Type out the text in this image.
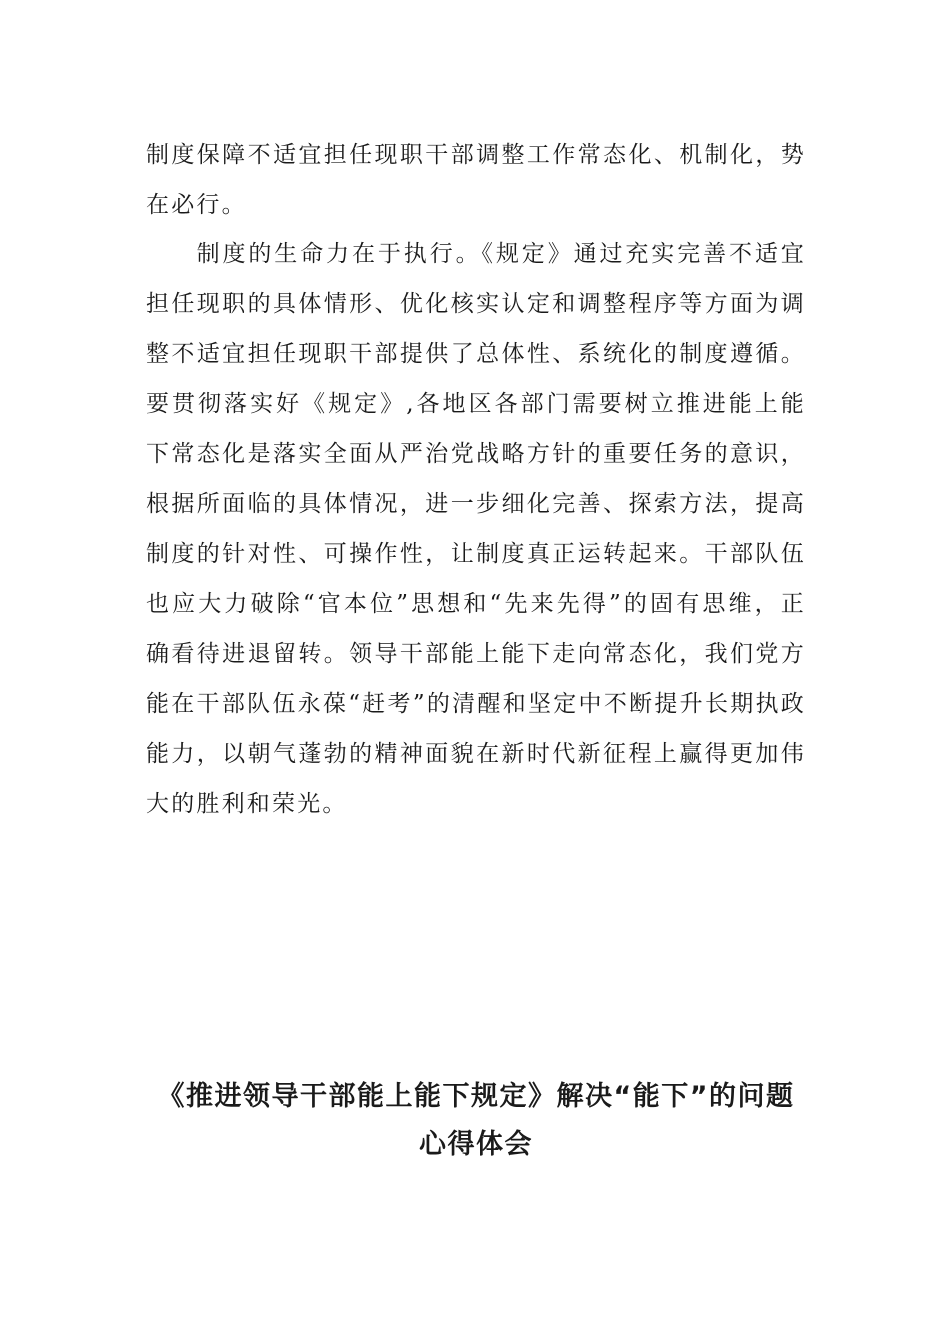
制度保障不适宜担任现职干部调整工作常态化、机制化，势在必行。
制度的生命力在于执行。《规定》通过充实完善不适宜担任现职的具体情形、优化核实认定和调整程序等方面为调整不适宜担任现职干部提供了总体性、系统化的制度遵循。要贯彻落实好《规定》,各地区各部门需要树立推进能上能下常态化是落实全面从严治党战略方针的重要任务的意识，根据所面临的具体情况，进一步细化完善、探索方法，提高制度的针对性、可操作性，让制度真正运转起来。干部队伍也应大力破除“官本位”思想和“先来先得”的固有思维，正确看待进退留转。领导干部能上能下走向常态化，我们党方能在干部队伍永葆“赶考”的清醒和坚定中不断提升长期执政能力，以朝气蓬勃的精神面貌在新时代新征程上赢得更加伟大的胜利和荣光。
《推进领导干部能上能下规定》解决“能下”的问题
心得体会
